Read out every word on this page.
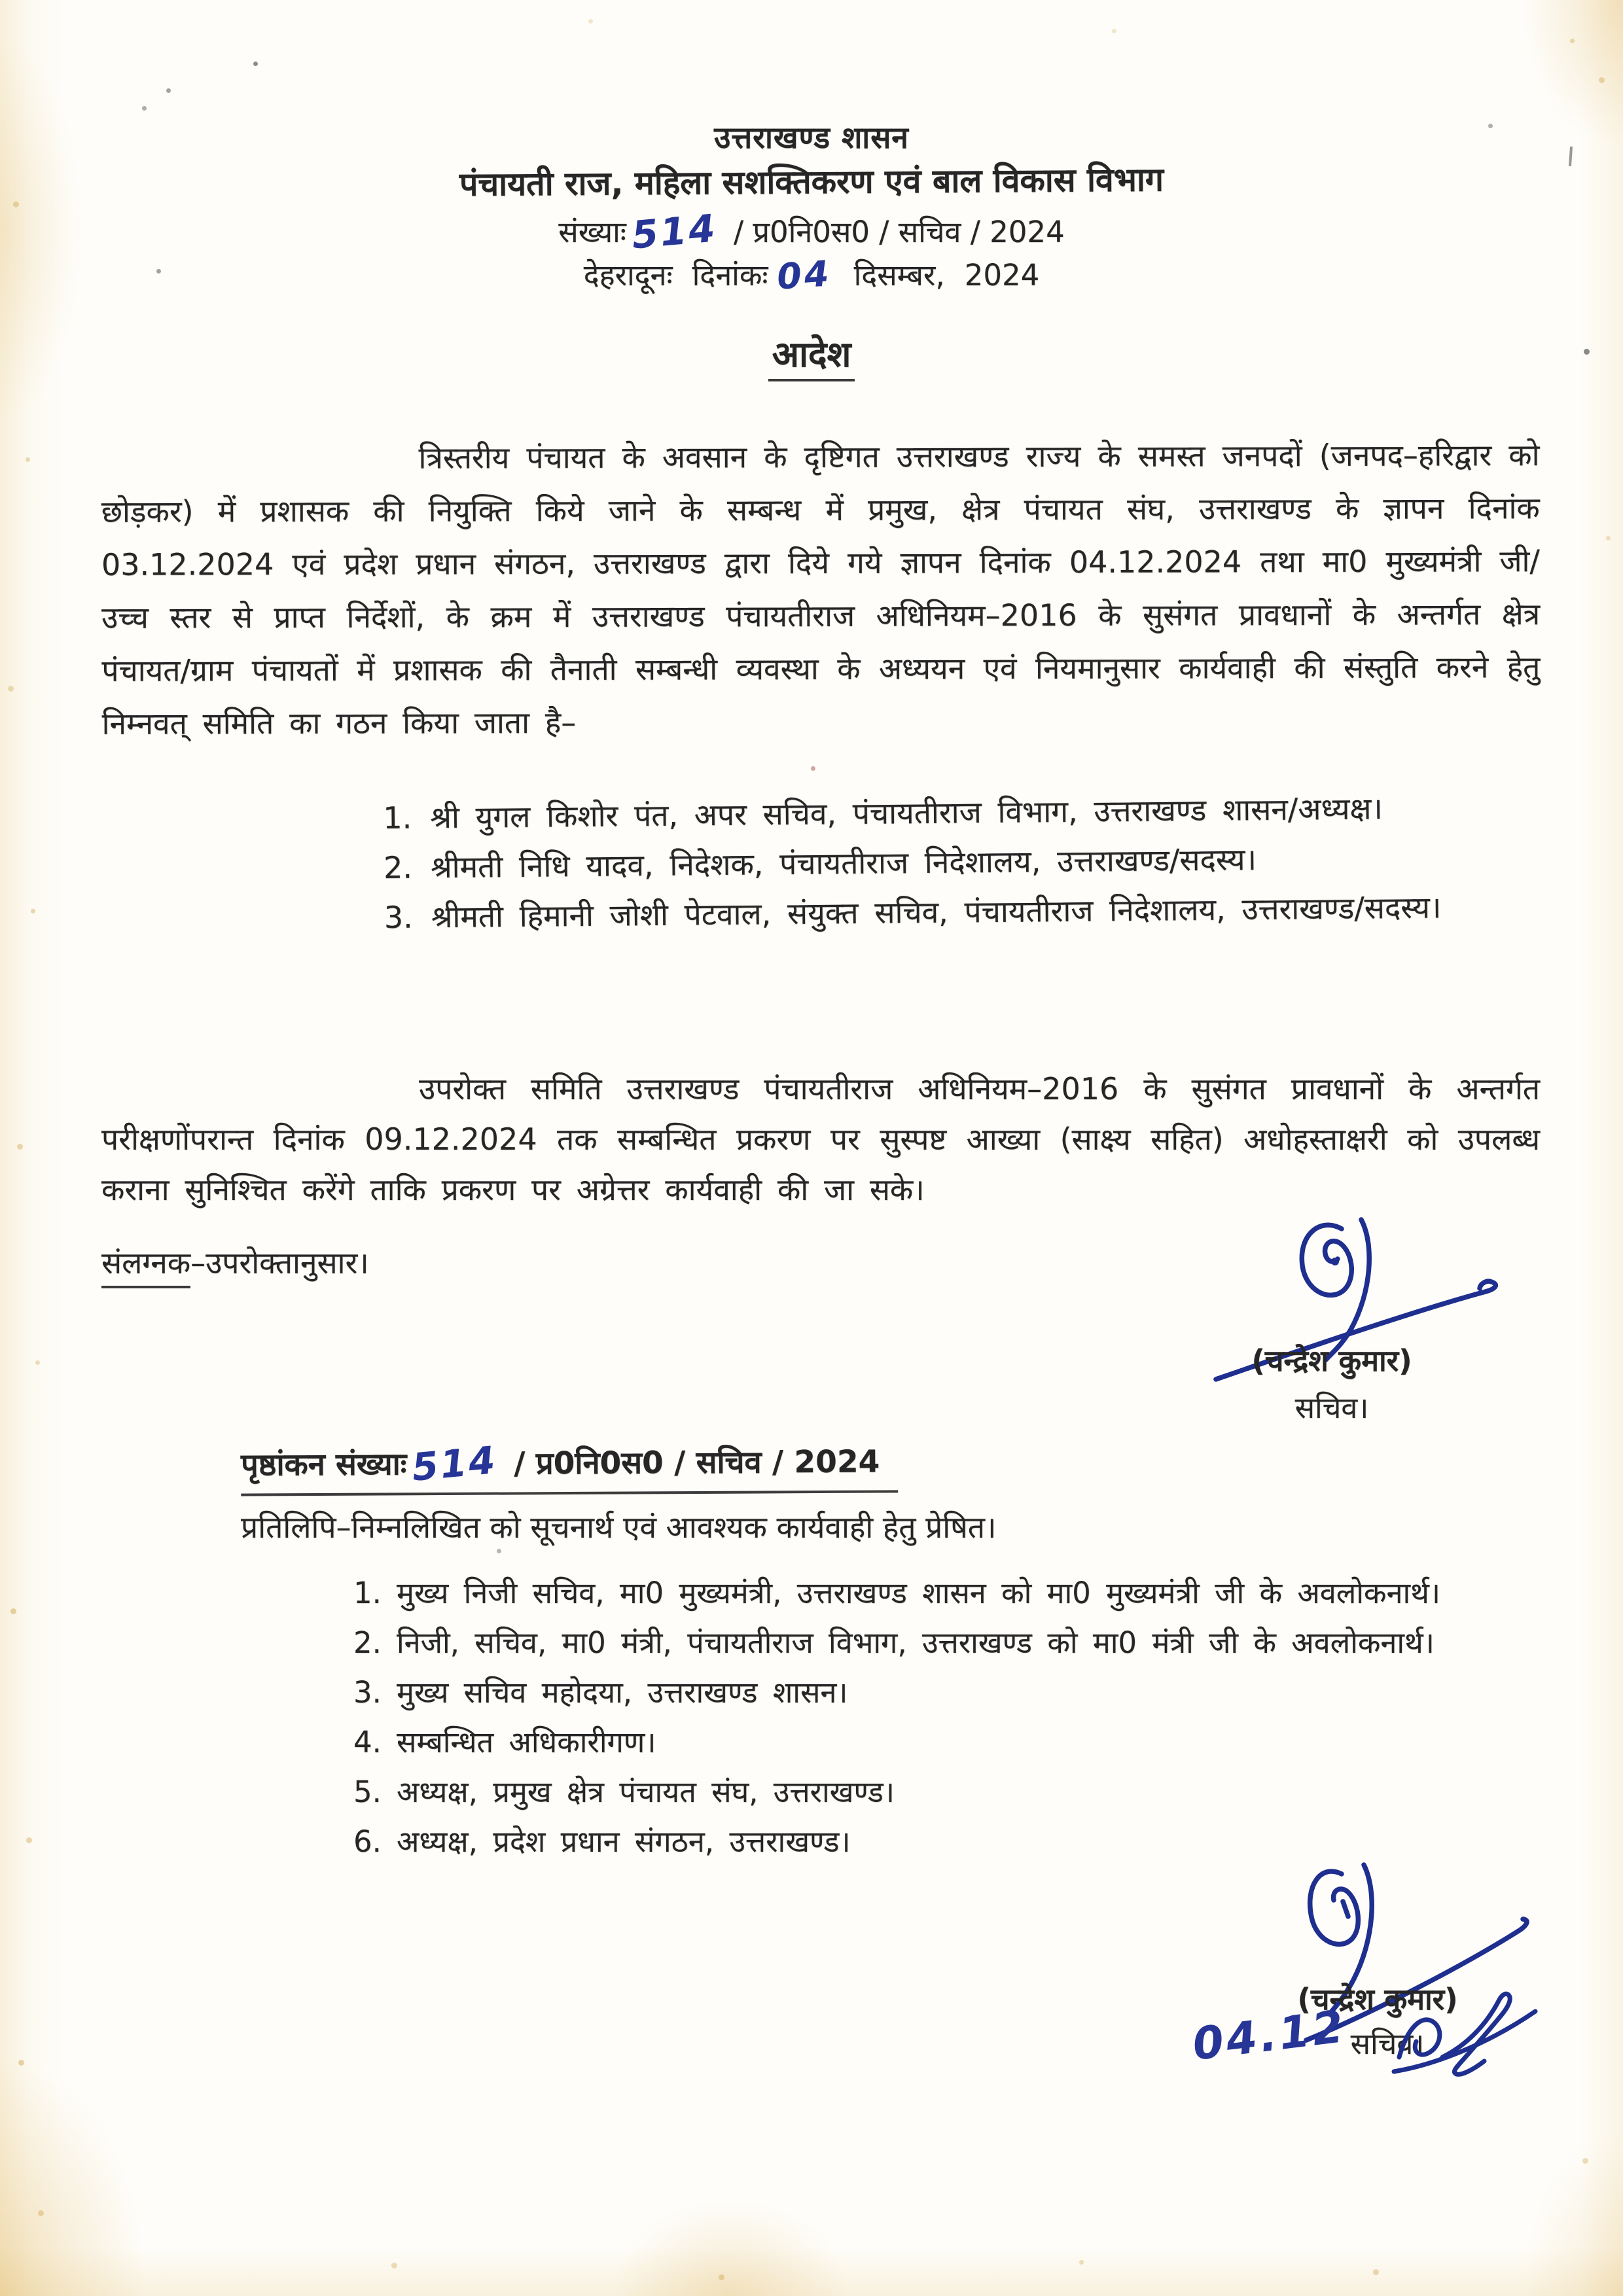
उत्तराखण्ड शासन
पंचायती राज, महिला सशक्तिकरण एवं बाल विकास विभाग
संख्याः514 / प्र0नि0स0 / सचिव / 2024
देहरादूनः दिनांकः 04 दिसम्बर, 2024
आदेश

त्रिस्तरीय पंचायत के अवसान के दृष्टिगत उत्तराखण्ड राज्य के समस्त जनपदों (जनपद–हरिद्वार को छोड़कर) में प्रशासक की नियुक्ति किये जाने के सम्बन्ध में प्रमुख, क्षेत्र पंचायत संघ, उत्तराखण्ड के ज्ञापन दिनांक 03.12.2024 एवं प्रदेश प्रधान संगठन, उत्तराखण्ड द्वारा दिये गये ज्ञापन दिनांक 04.12.2024 तथा मा0 मुख्यमंत्री जी/उच्च स्तर से प्राप्त निर्देशों, के क्रम में उत्तराखण्ड पंचायतीराज अधिनियम–2016 के सुसंगत प्रावधानों के अन्तर्गत क्षेत्र पंचायत/ग्राम पंचायतों में प्रशासक की तैनाती सम्बन्धी व्यवस्था के अध्ययन एवं नियमानुसार कार्यवाही की संस्तुति करने हेतु निम्नवत् समिति का गठन किया जाता है–

1. श्री युगल किशोर पंत, अपर सचिव, पंचायतीराज विभाग, उत्तराखण्ड शासन/अध्यक्ष।
2. श्रीमती निधि यादव, निदेशक, पंचायतीराज निदेशालय, उत्तराखण्ड/सदस्य।
3. श्रीमती हिमानी जोशी पेटवाल, संयुक्त सचिव, पंचायतीराज निदेशालय, उत्तराखण्ड/सदस्य।

उपरोक्त समिति उत्तराखण्ड पंचायतीराज अधिनियम–2016 के सुसंगत प्रावधानों के अन्तर्गत परीक्षणोंपरान्त दिनांक 09.12.2024 तक सम्बन्धित प्रकरण पर सुस्पष्ट आख्या (साक्ष्य सहित) अधोहस्ताक्षरी को उपलब्ध कराना सुनिश्चित करेंगे ताकि प्रकरण पर अग्रेत्तर कार्यवाही की जा सके।

संलग्नक–उपरोक्तानुसार।
(चन्द्रेश कुमार)
सचिव।
पृष्ठांकन संख्याः514 / प्र0नि0स0 / सचिव / 2024
प्रतिलिपि–निम्नलिखित को सूचनार्थ एवं आवश्यक कार्यवाही हेतु प्रेषित।
1. मुख्य निजी सचिव, मा0 मुख्यमंत्री, उत्तराखण्ड शासन को मा0 मुख्यमंत्री जी के अवलोकनार्थ।
2. निजी, सचिव, मा0 मंत्री, पंचायतीराज विभाग, उत्तराखण्ड को मा0 मंत्री जी के अवलोकनार्थ।
3. मुख्य सचिव महोदया, उत्तराखण्ड शासन।
4. सम्बन्धित अधिकारीगण।
5. अध्यक्ष, प्रमुख क्षेत्र पंचायत संघ, उत्तराखण्ड।
6. अध्यक्ष, प्रदेश प्रधान संगठन, उत्तराखण्ड।
(चन्द्रेश कुमार)
सचिव।
04.12
